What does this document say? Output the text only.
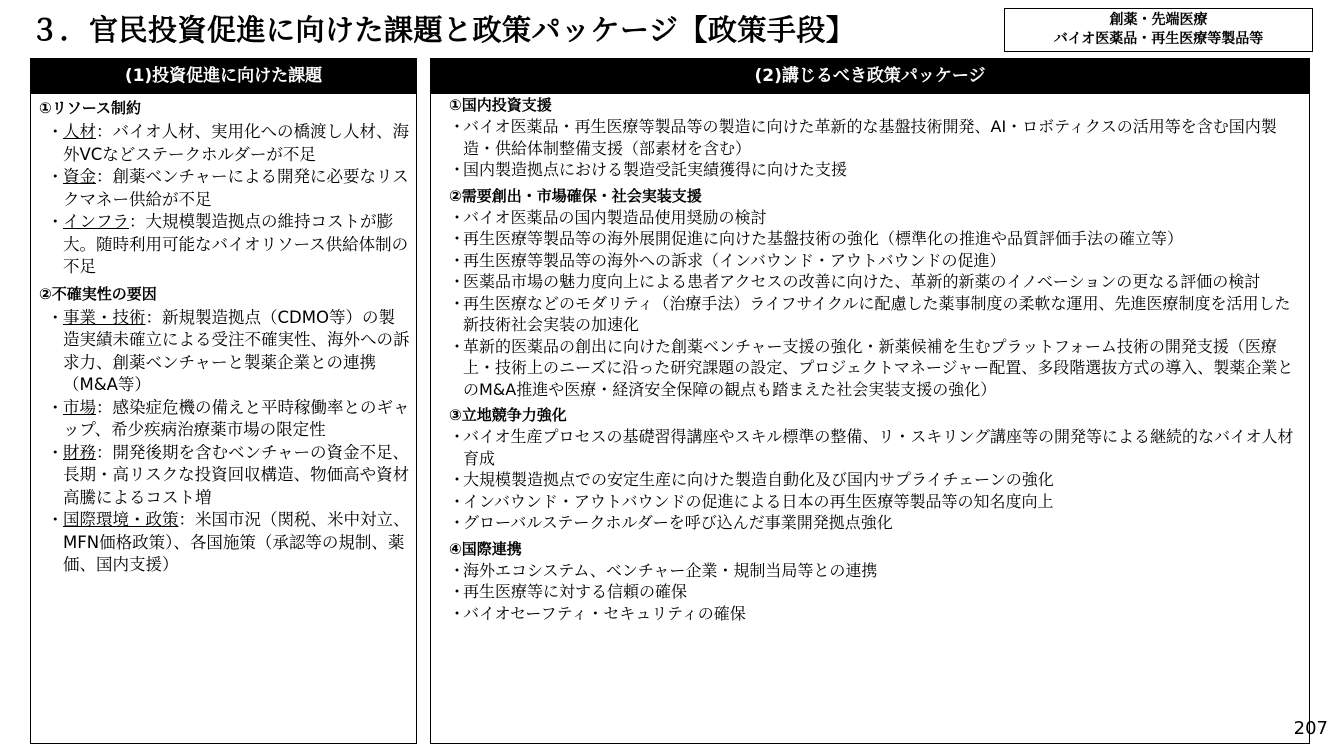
３．官民投資促進に向けた課題と政策パッケージ【政策手段】	創薬・先端医療
バイオ医薬品・再生医療等製品等
(1)投資促進に向けた課題
①リソース制約
・ 人材：バイオ人材、実用化への橋渡し人材、海外VCなどステークホルダーが不足
・ 資金：創薬ベンチャーによる開発に必要なリスクマネー供給が不足
・ インフラ：大規模製造拠点の維持コストが膨大。随時利用可能なバイオリソース供給体制の不足
②不確実性の要因
・ 事業・技術：新規製造拠点（CDMO等）の製造実績未確立による受注不確実性、海外への訴求力、創薬ベンチャーと製薬企業との連携（M&A等）
・ 市場：感染症危機の備えと平時稼働率とのギャップ、希少疾病治療薬市場の限定性
・ 財務：開発後期を含むベンチャーの資金不足、長期・高リスクな投資回収構造、物価高や資材高騰によるコスト増
・ 国際環境・政策：米国市況（関税、米中対立、MFN価格政策）、各国施策（承認等の規制、薬価、国内支援）
(2)講じるべき政策パッケージ
①国内投資支援
・
バイオ医薬品・再生医療等製品等の製造に向けた革新的な基盤技術開発、AI・ロボティクスの活用等を含む国内製造・供給体制整備支援（部素材を含む）
・
国内製造拠点における製造受託実績獲得に向けた支援
②需要創出・市場確保・社会実装支援
・
バイオ医薬品の国内製造品使用奨励の検討
・
再生医療等製品等の海外展開促進に向けた基盤技術の強化（標準化の推進や品質評価手法の確立等）
・
再生医療等製品等の海外への訴求（インバウンド・アウトバウンドの促進）
・
医薬品市場の魅力度向上による患者アクセスの改善に向けた、革新的新薬のイノベーションの更なる評価の検討
・
再生医療などのモダリティ（治療手法）ライフサイクルに配慮した薬事制度の柔軟な運用、先進医療制度を活用した新技術社会実装の加速化
・
革新的医薬品の創出に向けた創薬ベンチャー支援の強化・新薬候補を生むプラットフォーム技術の開発支援（医療上・技術上のニーズに沿った研究課題の設定、プロジェクトマネージャー配置、多段階選抜方式の導入、製薬企業とのM&A推進や医療・経済安全保障の観点も踏まえた社会実装支援の強化）
③立地競争力強化
・
バイオ生産プロセスの基礎習得講座やスキル標準の整備、リ・スキリング講座等の開発等による継続的なバイオ人材育成
・
大規模製造拠点での安定生産に向けた製造自動化及び国内サプライチェーンの強化
・
インバウンド・アウトバウンドの促進による日本の再生医療等製品等の知名度向上
・
グローバルステークホルダーを呼び込んだ事業開発拠点強化
④国際連携
・
海外エコシステム、ベンチャー企業・規制当局等との連携
・
再生医療等に対する信頼の確保
・
バイオセーフティ・セキュリティの確保
207
